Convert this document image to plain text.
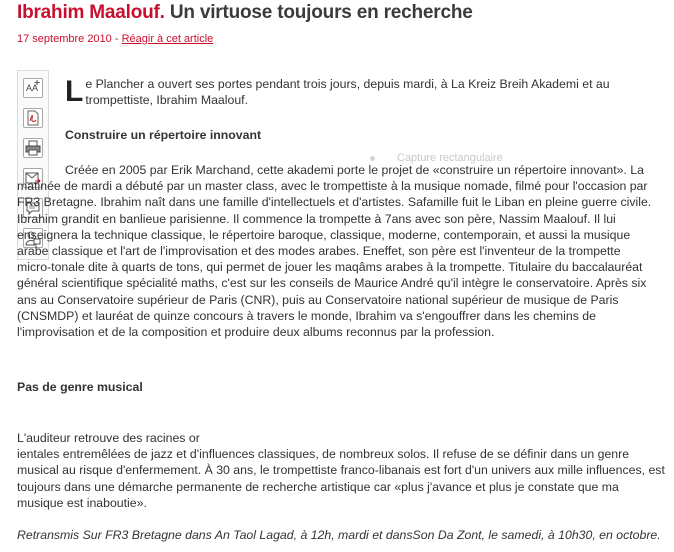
Ibrahim Maalouf. Un virtuose toujours en recherche
17 septembre 2010 - Réagir à cet article
AA Le Plancher a ouvert ses portes pendant trois jours, depuis mardi, à La Kreiz Breih Akademi et au trompettiste, Ibrahim Maalouf.

Construire un répertoire innovant
Capture rectangulaire

Créée en 2005 par Erik Marchand, cette akademi porte le projet de «construire un répertoire innovant». La matinée de mardi a débuté par un master class, avec le trompettiste à la musique nomade, filmé pour l'occasion par FR3 Bretagne. Ibrahim naît dans une famille d'intellectuels et d'artistes. Safamille fuit le Liban en pleine guerre civile. Ibrahim grandit en banlieue parisienne. Il commence la trompette à 7ans avec son père, Nassim Maalouf. Il lui enseignera la technique classique, le répertoire baroque, classique, moderne, contemporain, et aussi la musique arabe classique et l'art de l'improvisation et des modes arabes. Eneffet, son père est l'inventeur de la trompette micro-tonale dite à quarts de tons, qui permet de jouer les maqâms arabes à la trompette. Titulaire du baccalauréat général scientifique spécialité maths, c'est sur les conseils de Maurice André qu'il intègre le conservatoire. Après six ans au Conservatoire supérieur de Paris (CNR), puis au Conservatoire national supérieur de musique de Paris (CNSMDP) et lauréat de quinze concours à travers le monde, Ibrahim va s'engouffrer dans les chemins de l'improvisation et de la composition et produire deux albums reconnus par la profession.

Pas de genre musical

L'auditeur retrouve des racines or
ientales entremêlées de jazz et d'influences classiques, de nombreux solos. Il refuse de se définir dans un genre musical au risque d'enfermement. À 30 ans, le trompettiste franco-libanais est fort d'un univers aux mille influences, est toujours dans une démarche permanente de recherche artistique car «plus j'avance et plus je constate que ma musique est inaboutie».

Retransmis Sur FR3 Bretagne dans An Taol Lagad, à 12h, mardi et dansSon Da Zont, le samedi, à 10h30, en octobre.
